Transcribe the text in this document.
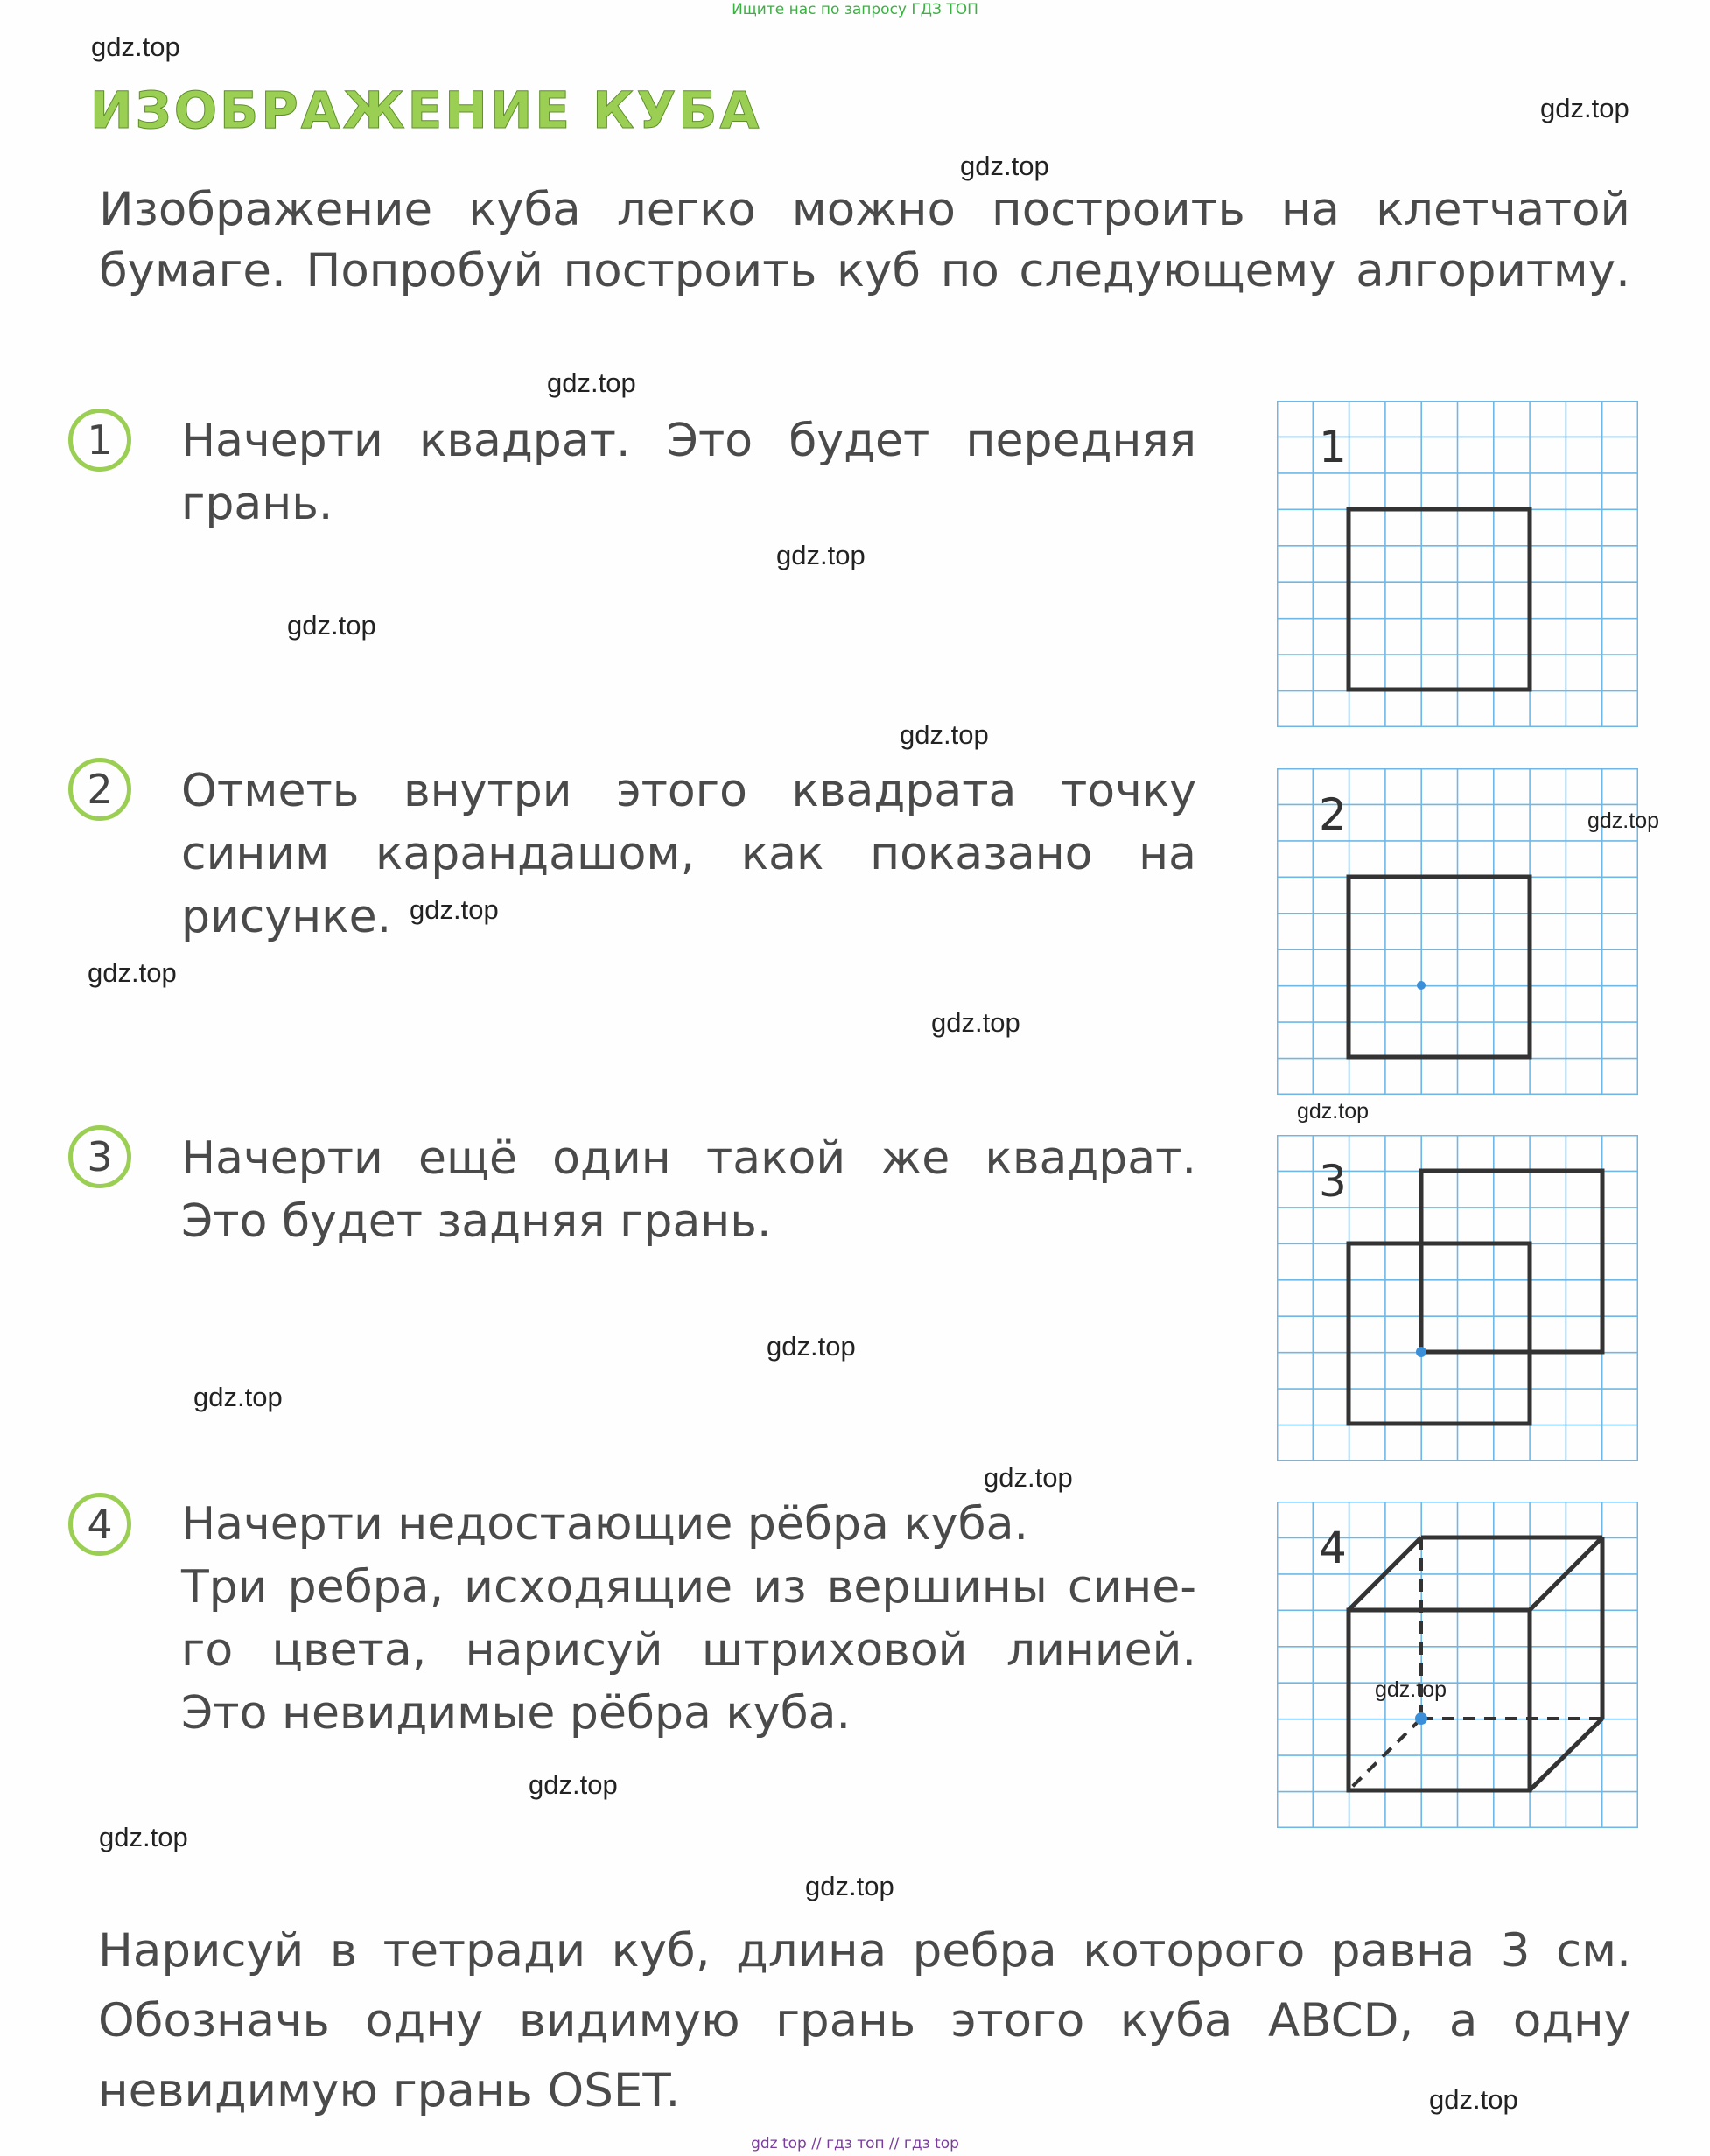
Ищите нас по запросу ГДЗ ТОП
ИЗОБРАЖЕНИЕ КУБА
Изображение куба легко можно построить на клетчатой
бумаге. Попробуй построить куб по следующему алгоритму.
1 Начерти квадрат. Это будет передняя
грань.
2 Отметь внутри этого квадрата точку
синим карандашом, как показано на
рисунке.
3 Начерти ещё один такой же квадрат.
Это будет задняя грань.
4 Начерти недостающие рёбра куба.
Три ребра, исходящие из вершины сине-
го цвета, нарисуй штриховой линией.
Это невидимые рёбра куба.
1
2
3
4
Нарисуй в тетради куб, длина ребра которого равна 3 см.
Обозначь одну видимую грань этого куба ABCD, а одну
невидимую грань OSET.
gdz.top
gdz.top
gdz.top
gdz.top
gdz.top
gdz.top
gdz.top
gdz.top
gdz.top
gdz.top
gdz.top
gdz.top
gdz.top
gdz.top
gdz.top
gdz.top
gdz.top
gdz.top
gdz.top
gdz.top
gdz top // гдз топ // гдз top
